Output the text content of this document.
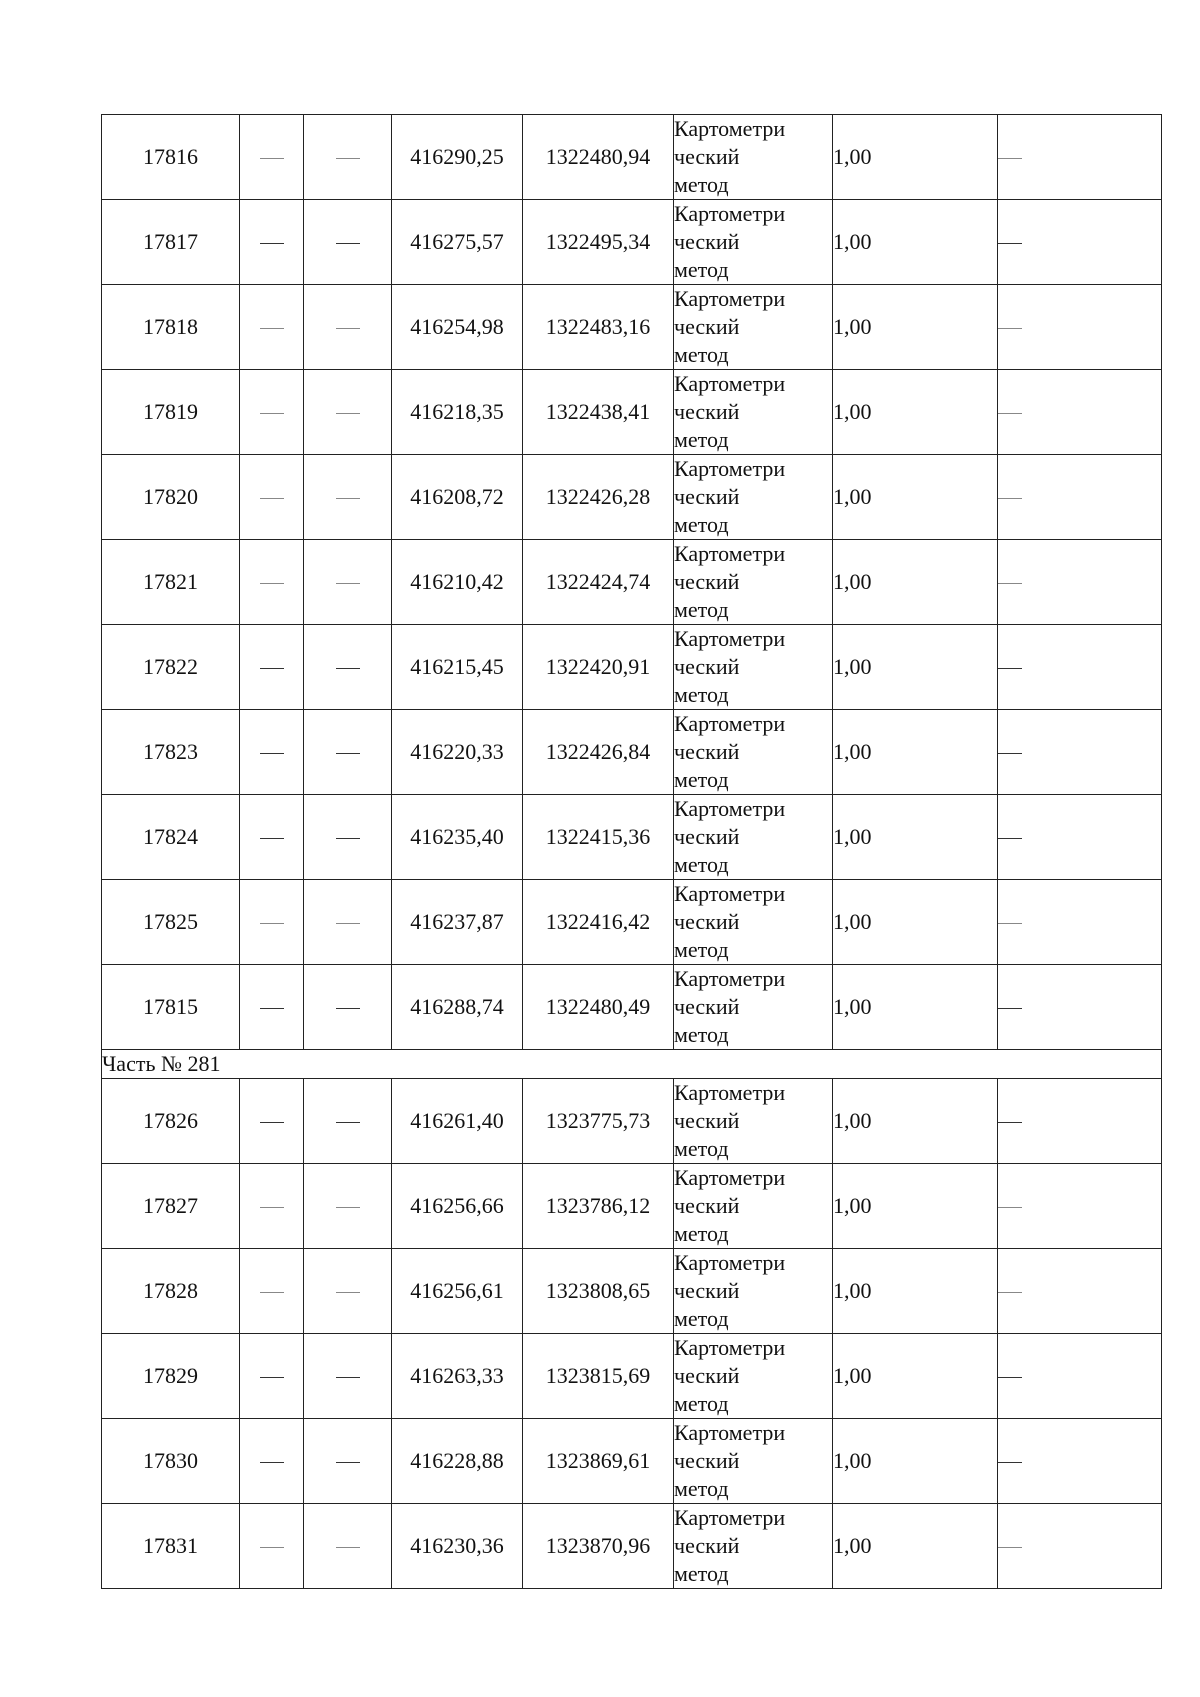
17816			416290,25	1322480,94	Картометри
ческий
метод	1,00	
17817			416275,57	1322495,34	Картометри
ческий
метод	1,00	
17818			416254,98	1322483,16	Картометри
ческий
метод	1,00	
17819			416218,35	1322438,41	Картометри
ческий
метод	1,00	
17820			416208,72	1322426,28	Картометри
ческий
метод	1,00	
17821			416210,42	1322424,74	Картометри
ческий
метод	1,00	
17822			416215,45	1322420,91	Картометри
ческий
метод	1,00	
17823			416220,33	1322426,84	Картометри
ческий
метод	1,00	
17824			416235,40	1322415,36	Картометри
ческий
метод	1,00	
17825			416237,87	1322416,42	Картометри
ческий
метод	1,00	
17815			416288,74	1322480,49	Картометри
ческий
метод	1,00	
Часть № 281							
17826			416261,40	1323775,73	Картометри
ческий
метод	1,00	
17827			416256,66	1323786,12	Картометри
ческий
метод	1,00	
17828			416256,61	1323808,65	Картометри
ческий
метод	1,00	
17829			416263,33	1323815,69	Картометри
ческий
метод	1,00	
17830			416228,88	1323869,61	Картометри
ческий
метод	1,00	
17831			416230,36	1323870,96	Картометри
ческий
метод	1,00	
